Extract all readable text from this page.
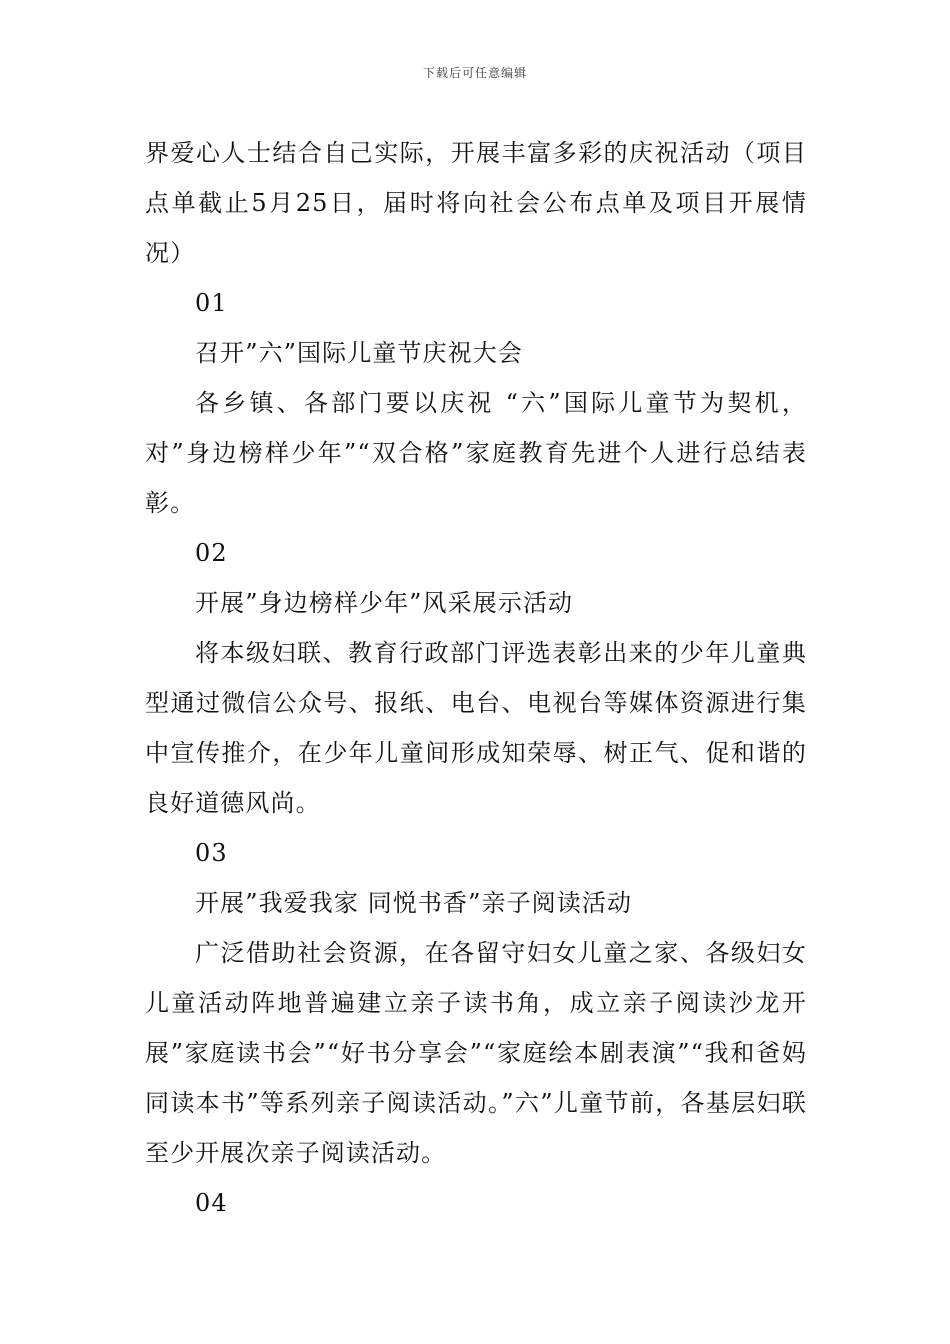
下载后可任意编辑

界爱心人士结合自己实际，开展丰富多彩的庆祝活动（项目点单截止5月25日，届时将向社会公布点单及项目开展情况）

01

召开”六”国际儿童节庆祝大会

各乡镇、各部门要以庆祝 “六”国际儿童节为契机，对”身边榜样少年”“双合格”家庭教育先进个人进行总结表彰。

02

开展”身边榜样少年”风采展示活动

将本级妇联、教育行政部门评选表彰出来的少年儿童典型通过微信公众号、报纸、电台、电视台等媒体资源进行集中宣传推介，在少年儿童间形成知荣辱、树正气、促和谐的良好道德风尚。

03

开展”我爱我家 同悦书香”亲子阅读活动

广泛借助社会资源，在各留守妇女儿童之家、各级妇女儿童活动阵地普遍建立亲子读书角，成立亲子阅读沙龙开展”家庭读书会”“好书分享会”“家庭绘本剧表演”“我和爸妈同读本书”等系列亲子阅读活动。”六”儿童节前，各基层妇联至少开展次亲子阅读活动。

04
